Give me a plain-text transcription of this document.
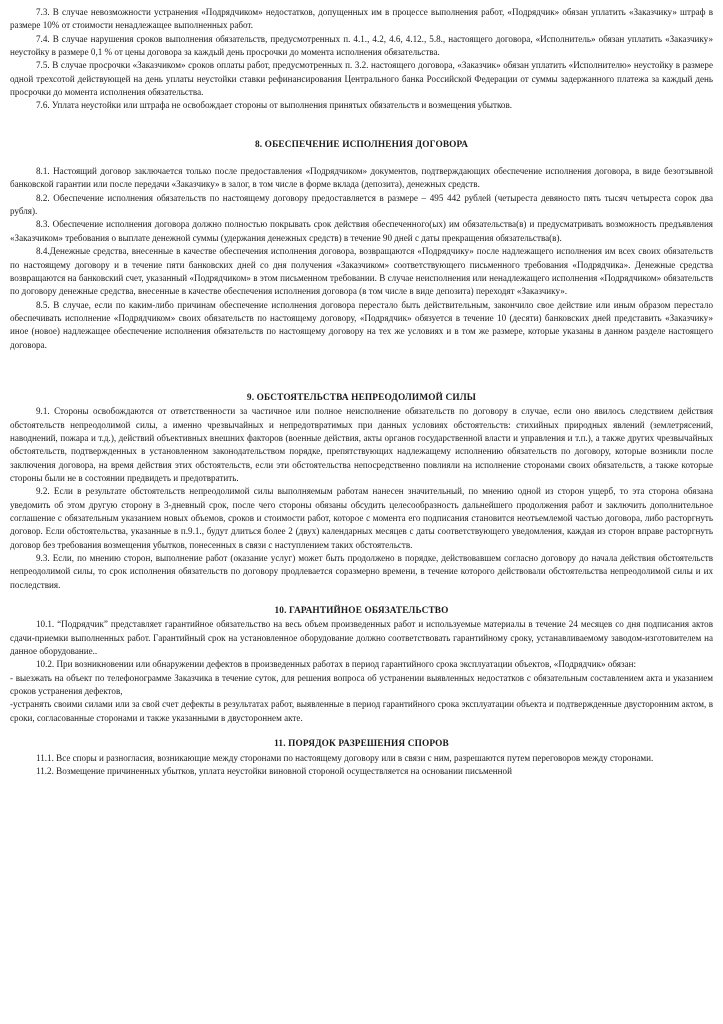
7.3. В случае невозможности устранения «Подрядчиком» недостатков, допущенных им в процессе выполнения работ, «Подрядчик» обязан уплатить «Заказчику» штраф в размере 10% от стоимости ненадлежащее выполненных работ.

7.4. В случае нарушения сроков выполнения обязательств, предусмотренных п. 4.1., 4.2, 4.6, 4.12., 5.8., настоящего договора, «Исполнитель» обязан уплатить «Заказчику» неустойку в размере 0,1 % от цены договора за каждый день просрочки до момента исполнения обязательства.

7.5. В случае просрочки «Заказчиком» сроков оплаты работ, предусмотренных п. 3.2. настоящего договора, «Заказчик» обязан уплатить «Исполнителю» неустойку в размере одной трехсотой действующей на день уплаты неустойки ставки рефинансирования Центрального банка Российской Федерации от суммы задержанного платежа за каждый день просрочки до момента исполнения обязательства.

7.6. Уплата неустойки или штрафа не освобождает стороны от выполнения принятых обязательств и возмещения убытков.

8. ОБЕСПЕЧЕНИЕ ИСПОЛНЕНИЯ ДОГОВОРА

8.1. Настоящий договор заключается только после предоставления «Подрядчиком» документов, подтверждающих обеспечение исполнения договора, в виде безотзывной банковской гарантии или после передачи «Заказчику» в залог, в том числе в форме вклада (депозита), денежных средств.

8.2. Обеспечение исполнения обязательств по настоящему договору предоставляется в размере – 495 442 рублей (четыреста девяносто пять тысяч четыреста сорок два рубля).

8.3. Обеспечение исполнения договора должно полностью покрывать срок действия обеспеченного(ых) им обязательства(в) и предусматривать возможность предъявления «Заказчиком» требования о выплате денежной суммы (удержания денежных средств) в течение 90 дней с даты прекращения обязательства(в).

8.4.Денежные средства, внесенные в качестве обеспечения исполнения договора, возвращаются «Подрядчику» после надлежащего исполнения им всех своих обязательств по настоящему договору и в течение пяти банковских дней со дня получения «Заказчиком» соответствующего письменного требования «Подрядчика». Денежные средства возвращаются на банковский счет, указанный «Подрядчиком» в этом письменном требовании. В случае неисполнения или ненадлежащего исполнения «Подрядчиком» обязательств по договору денежные средства, внесенные в качестве обеспечения исполнения договора (в том числе в виде депозита) переходят «Заказчику».

8.5. В случае, если по каким-либо причинам обеспечение исполнения договора перестало быть действительным, закончило свое действие или иным образом перестало обеспечивать исполнение «Подрядчиком» своих обязательств по настоящему договору, «Подрядчик» обязуется в течение 10 (десяти) банковских дней представить «Заказчику» иное (новое) надлежащее обеспечение исполнения обязательств по настоящему договору на тех же условиях и в том же размере, которые указаны в данном разделе настоящего договора.

9. ОБСТОЯТЕЛЬСТВА НЕПРЕОДОЛИМОЙ СИЛЫ

9.1. Стороны освобождаются от ответственности за частичное или полное неисполнение обязательств по договору в случае, если оно явилось следствием действия обстоятельств непреодолимой силы, а именно чрезвычайных и непредотвратимых при данных условиях обстоятельств: стихийных природных явлений (землетрясений, наводнений, пожара и т.д.), действий объективных внешних факторов (военные действия, акты органов государственной власти и управления и т.п.), а также других чрезвычайных обстоятельств, подтвержденных в установленном законодательством порядке, препятствующих надлежащему исполнению обязательств по договору, которые возникли после заключения договора, на время действия этих обстоятельств, если эти обстоятельства непосредственно повлияли на исполнение сторонами своих обязательств, а также которые стороны были не в состоянии предвидеть и предотвратить.

9.2. Если в результате обстоятельств непреодолимой силы выполняемым работам нанесен значительный, по мнению одной из сторон ущерб, то эта сторона обязана уведомить об этом другую сторону в 3-дневный срок, после чего стороны обязаны обсудить целесообразность дальнейшего продолжения работ и заключить дополнительное соглашение с обязательным указанием новых объемов, сроков и стоимости работ, которое с момента его подписания становится неотъемлемой частью договора, либо расторгнуть договор. Если обстоятельства, указанные в п.9.1., будут длиться более 2 (двух) календарных месяцев с даты соответствующего уведомления, каждая из сторон вправе расторгнуть договор без требования возмещения убытков, понесенных в связи с наступлением таких обстоятельств.

9.3. Если, по мнению сторон, выполнение работ (оказание услуг) может быть продолжено в порядке, действовавшем согласно договору до начала действия обстоятельств непреодолимой силы, то срок исполнения обязательств по договору продлевается соразмерно времени, в течение которого действовали обстоятельства непреодолимой силы и их последствия.

10. ГАРАНТИЙНОЕ ОБЯЗАТЕЛЬСТВО

10.1. “Подрядчик” представляет гарантийное обязательство на весь объем произведенных работ и используемые материалы в течение 24 месяцев со дня подписания актов сдачи-приемки выполненных работ. Гарантийный срок на установленное оборудование должно соответствовать гарантийному сроку, устанавливаемому заводом-изготовителем на данное оборудование..

10.2. При возникновении или обнаружении дефектов в произведенных работах в период гарантийного срока эксплуатации объектов, «Подрядчик» обязан:

- выезжать на объект по телефонограмме Заказчика в течение суток, для решения вопроса об устранении выявленных недостатков с обязательным составлением акта и указанием сроков устранения дефектов,

-устранять своими силами или за свой счет дефекты в результатах работ, выявленные в период гарантийного срока эксплуатации объекта и подтвержденные двусторонним актом, в сроки, согласованные сторонами и также указанными в двустороннем акте.

11. ПОРЯДОК РАЗРЕШЕНИЯ СПОРОВ

11.1. Все споры и разногласия, возникающие между сторонами по настоящему договору или в связи с ним, разрешаются путем переговоров между сторонами.

11.2. Возмещение причиненных убытков, уплата неустойки виновной стороной осуществляется на основании письменной
